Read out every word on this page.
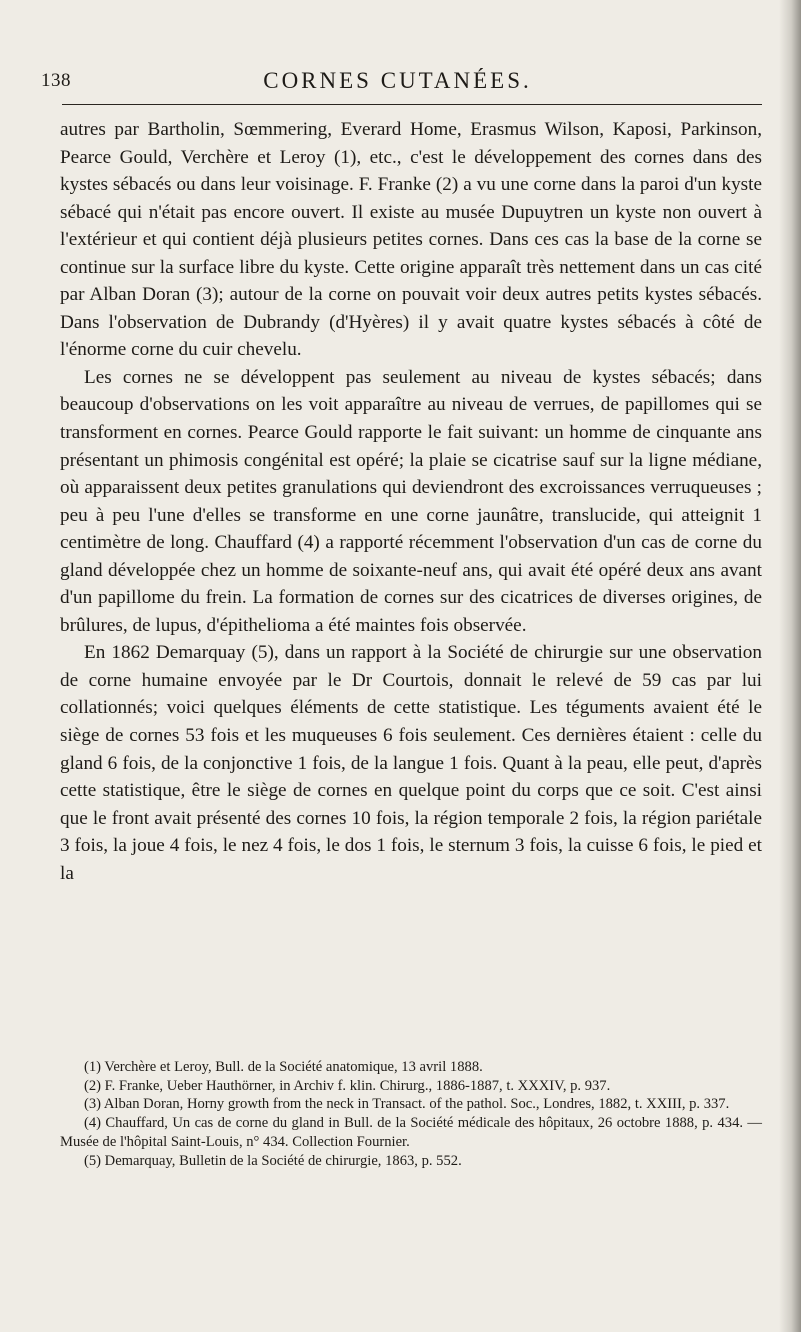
138	CORNES CUTANÉES.

autres par Bartholin, Sœmmering, Everard Home, Erasmus Wilson, Kaposi, Parkinson, Pearce Gould, Verchère et Leroy (1), etc., c'est le développement des cornes dans des kystes sébacés ou dans leur voisinage. F. Franke (2) a vu une corne dans la paroi d'un kyste sébacé qui n'était pas encore ouvert. Il existe au musée Dupuytren un kyste non ouvert à l'extérieur et qui contient déjà plusieurs petites cornes. Dans ces cas la base de la corne se continue sur la surface libre du kyste. Cette origine apparaît très nettement dans un cas cité par Alban Doran (3); autour de la corne on pouvait voir deux autres petits kystes sébacés. Dans l'observation de Dubrandy (d'Hyères) il y avait quatre kystes sébacés à côté de l'énorme corne du cuir chevelu.

Les cornes ne se développent pas seulement au niveau de kystes sébacés; dans beaucoup d'observations on les voit apparaître au niveau de verrues, de papillomes qui se transforment en cornes. Pearce Gould rapporte le fait suivant: un homme de cinquante ans présentant un phimosis congénital est opéré; la plaie se cicatrise sauf sur la ligne médiane, où apparaissent deux petites granulations qui deviendront des excroissances verruqueuses ; peu à peu l'une d'elles se transforme en une corne jaunâtre, translucide, qui atteignit 1 centimètre de long. Chauffard (4) a rapporté récemment l'observation d'un cas de corne du gland développée chez un homme de soixante-neuf ans, qui avait été opéré deux ans avant d'un papillome du frein. La formation de cornes sur des cicatrices de diverses origines, de brûlures, de lupus, d'épithelioma a été maintes fois observée.

En 1862 Demarquay (5), dans un rapport à la Société de chirurgie sur une observation de corne humaine envoyée par le Dr Courtois, donnait le relevé de 59 cas par lui collationnés; voici quelques éléments de cette statistique. Les téguments avaient été le siège de cornes 53 fois et les muqueuses 6 fois seulement. Ces dernières étaient : celle du gland 6 fois, de la conjonctive 1 fois, de la langue 1 fois. Quant à la peau, elle peut, d'après cette statistique, être le siège de cornes en quelque point du corps que ce soit. C'est ainsi que le front avait présenté des cornes 10 fois, la région temporale 2 fois, la région pariétale 3 fois, la joue 4 fois, le nez 4 fois, le dos 1 fois, le sternum 3 fois, la cuisse 6 fois, le pied et la

(1) Verchère et Leroy, Bull. de la Société anatomique, 13 avril 1888.

(2) F. Franke, Ueber Hauthörner, in Archiv f. klin. Chirurg., 1886-1887, t. XXXIV, p. 937.

(3) Alban Doran, Horny growth from the neck in Transact. of the pathol. Soc., Londres, 1882, t. XXIII, p. 337.

(4) Chauffard, Un cas de corne du gland in Bull. de la Société médicale des hôpitaux, 26 octobre 1888, p. 434. — Musée de l'hôpital Saint-Louis, n° 434. Collection Fournier.

(5) Demarquay, Bulletin de la Société de chirurgie, 1863, p. 552.
